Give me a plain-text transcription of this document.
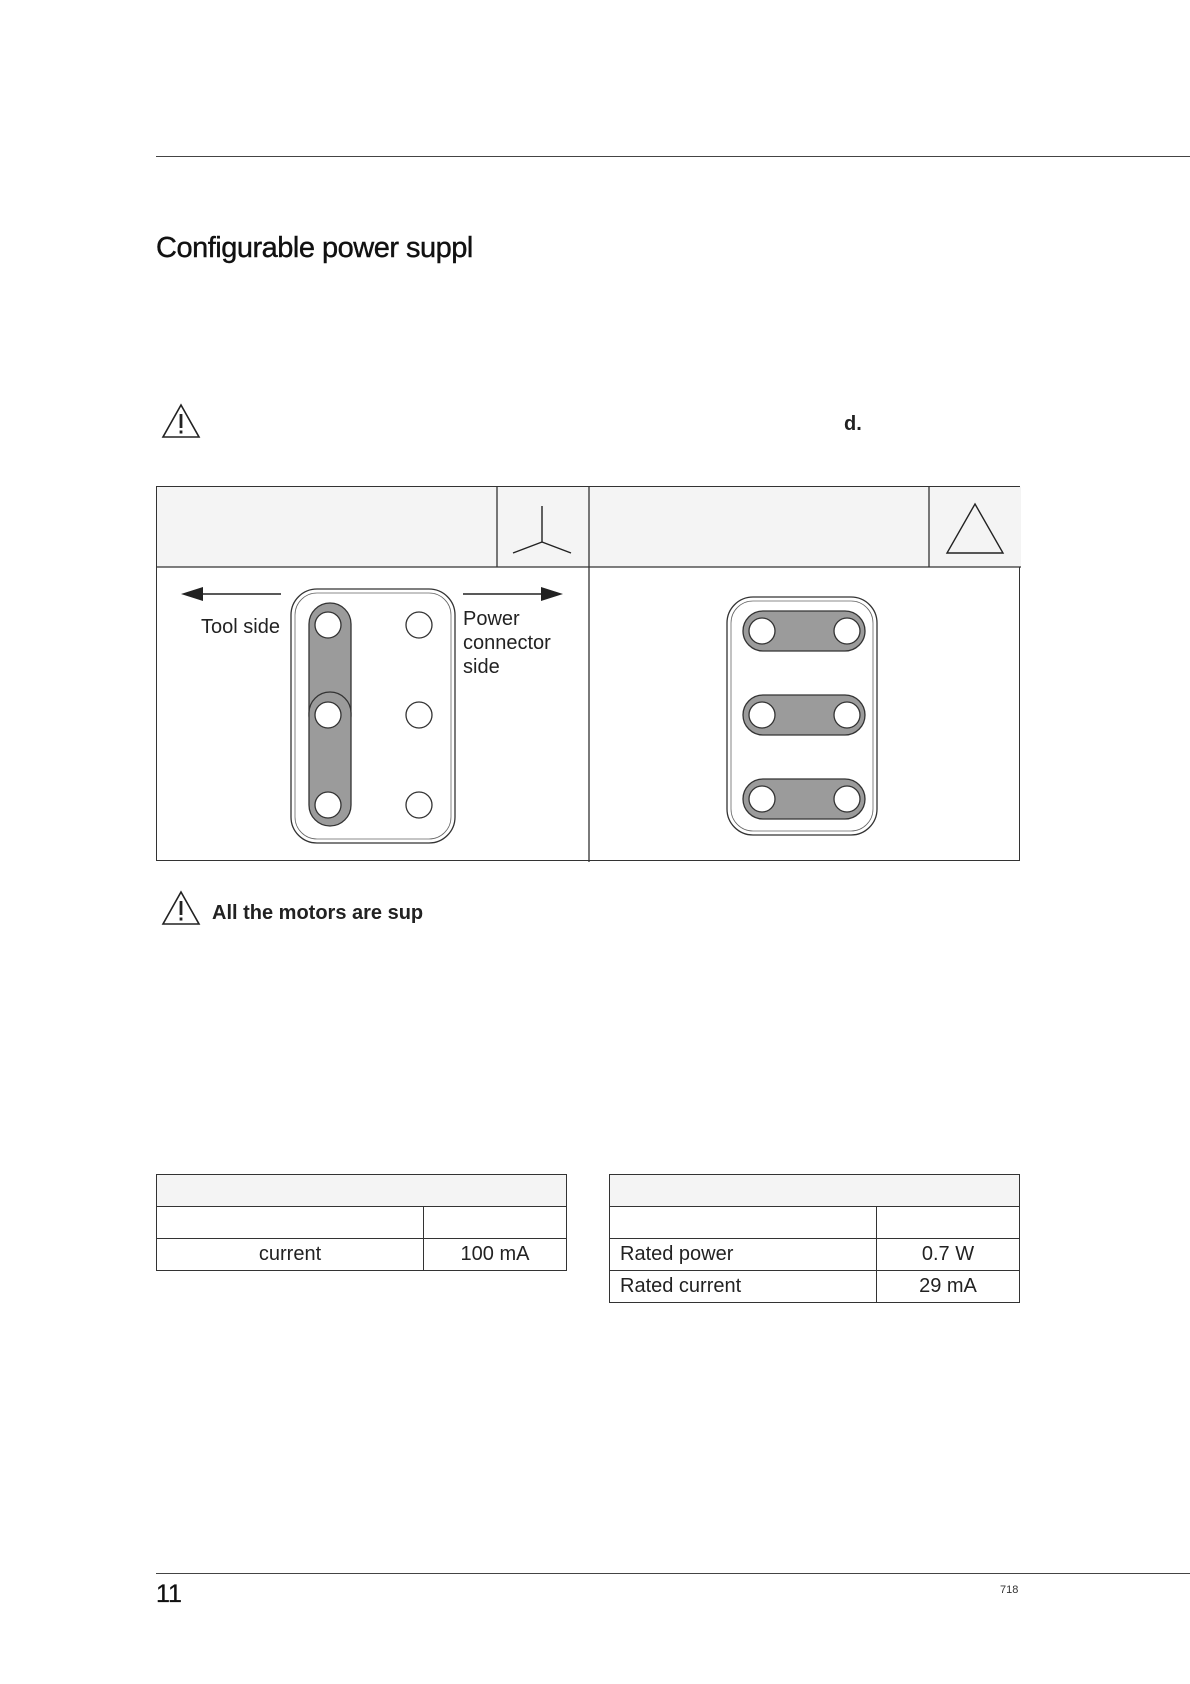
Configurable power suppl
d.
Tool side	Power connector side
All the motors are sup

current	100 mA

		Rated power	0.7 W
Rated current	29 mA
11	718
